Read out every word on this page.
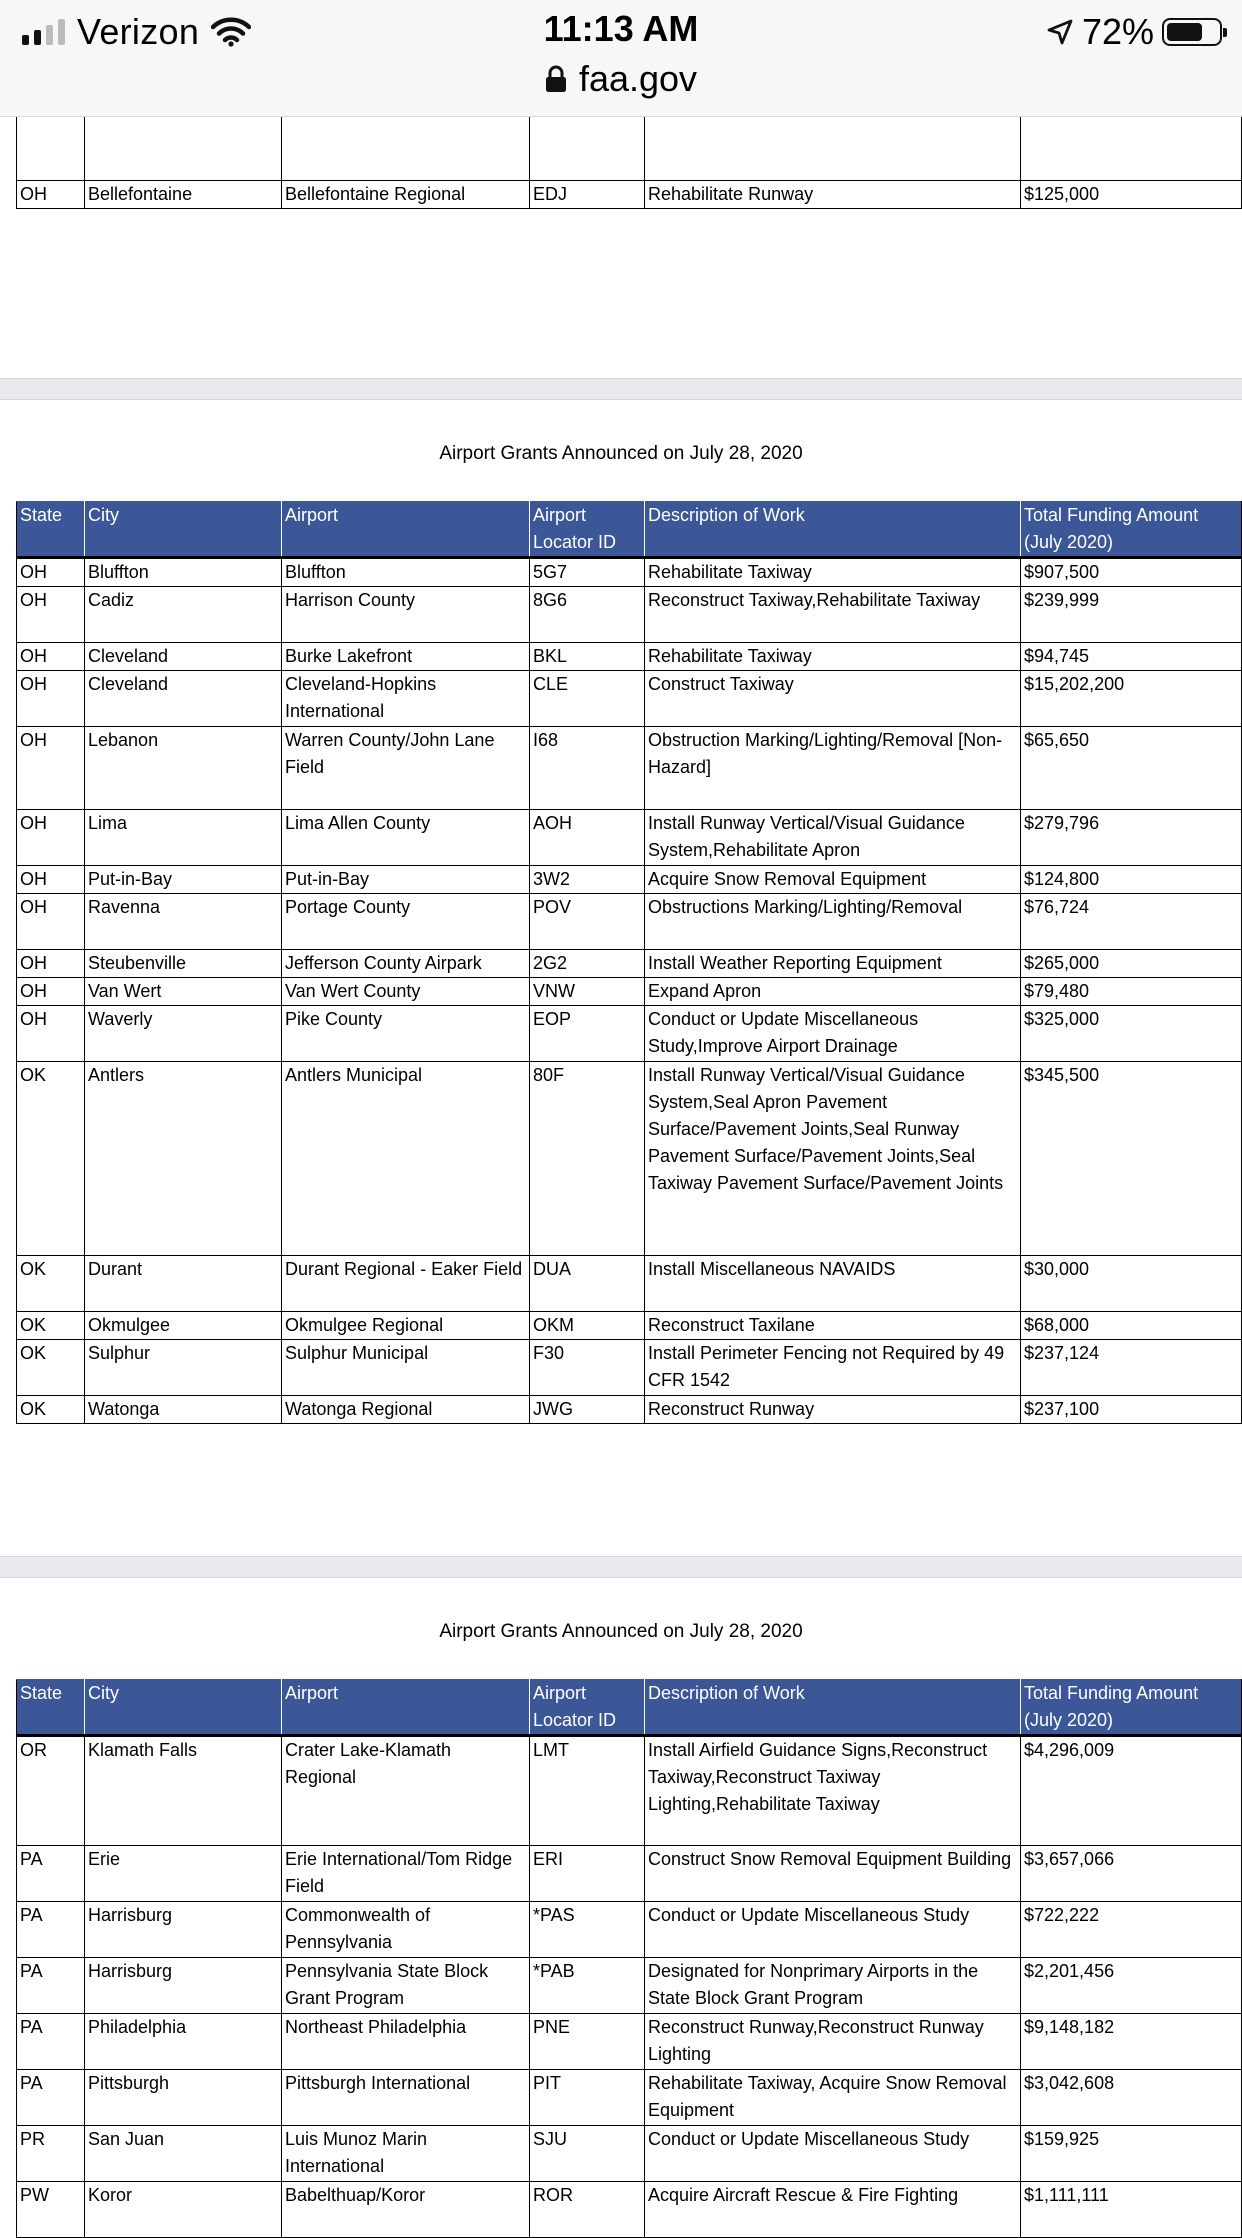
Verizon	11:13 AM	72%
faa.gov

OH	Bellefontaine	Bellefontaine Regional	EDJ	Rehabilitate Runway	$125,000
Airport Grants Announced on July 28, 2020
State	City	Airport	Airport Locator ID	Description of Work	Total Funding Amount (July 2020)
OH	Bluffton	Bluffton	5G7	Rehabilitate Taxiway	$907,500
OH	Cadiz	Harrison County	8G6	Reconstruct Taxiway,Rehabilitate Taxiway	$239,999
OH	Cleveland	Burke Lakefront	BKL	Rehabilitate Taxiway	$94,745
OH	Cleveland	Cleveland-Hopkins International	CLE	Construct Taxiway	$15,202,200
OH	Lebanon	Warren County/John Lane Field	I68	Obstruction Marking/Lighting/Removal [Non-Hazard]	$65,650
OH	Lima	Lima Allen County	AOH	Install Runway Vertical/Visual Guidance System,Rehabilitate Apron	$279,796
OH	Put-in-Bay	Put-in-Bay	3W2	Acquire Snow Removal Equipment	$124,800
OH	Ravenna	Portage County	POV	Obstructions Marking/Lighting/Removal	$76,724
OH	Steubenville	Jefferson County Airpark	2G2	Install Weather Reporting Equipment	$265,000
OH	Van Wert	Van Wert County	VNW	Expand Apron	$79,480
OH	Waverly	Pike County	EOP	Conduct or Update Miscellaneous Study,Improve Airport Drainage	$325,000
OK	Antlers	Antlers Municipal	80F	Install Runway Vertical/Visual Guidance System,Seal Apron Pavement Surface/Pavement Joints,Seal Runway Pavement Surface/Pavement Joints,Seal Taxiway Pavement Surface/Pavement Joints	$345,500
OK	Durant	Durant Regional - Eaker Field	DUA	Install Miscellaneous NAVAIDS	$30,000
OK	Okmulgee	Okmulgee Regional	OKM	Reconstruct Taxilane	$68,000
OK	Sulphur	Sulphur Municipal	F30	Install Perimeter Fencing not Required by 49 CFR 1542	$237,124
OK	Watonga	Watonga Regional	JWG	Reconstruct Runway	$237,100
Airport Grants Announced on July 28, 2020
State	City	Airport	Airport Locator ID	Description of Work	Total Funding Amount (July 2020)
OR	Klamath Falls	Crater Lake-Klamath Regional	LMT	Install Airfield Guidance Signs,Reconstruct Taxiway,Reconstruct Taxiway Lighting,Rehabilitate Taxiway	$4,296,009
PA	Erie	Erie International/Tom Ridge Field	ERI	Construct Snow Removal Equipment Building	$3,657,066
PA	Harrisburg	Commonwealth of Pennsylvania	*PAS	Conduct or Update Miscellaneous Study	$722,222
PA	Harrisburg	Pennsylvania State Block Grant Program	*PAB	Designated for Nonprimary Airports in the State Block Grant Program	$2,201,456
PA	Philadelphia	Northeast Philadelphia	PNE	Reconstruct Runway,Reconstruct Runway Lighting	$9,148,182
PA	Pittsburgh	Pittsburgh International	PIT	Rehabilitate Taxiway, Acquire Snow Removal Equipment	$3,042,608
PR	San Juan	Luis Munoz Marin International	SJU	Conduct or Update Miscellaneous Study	$159,925
PW	Koror	Babelthuap/Koror	ROR	Acquire Aircraft Rescue & Fire Fighting	$1,111,111
